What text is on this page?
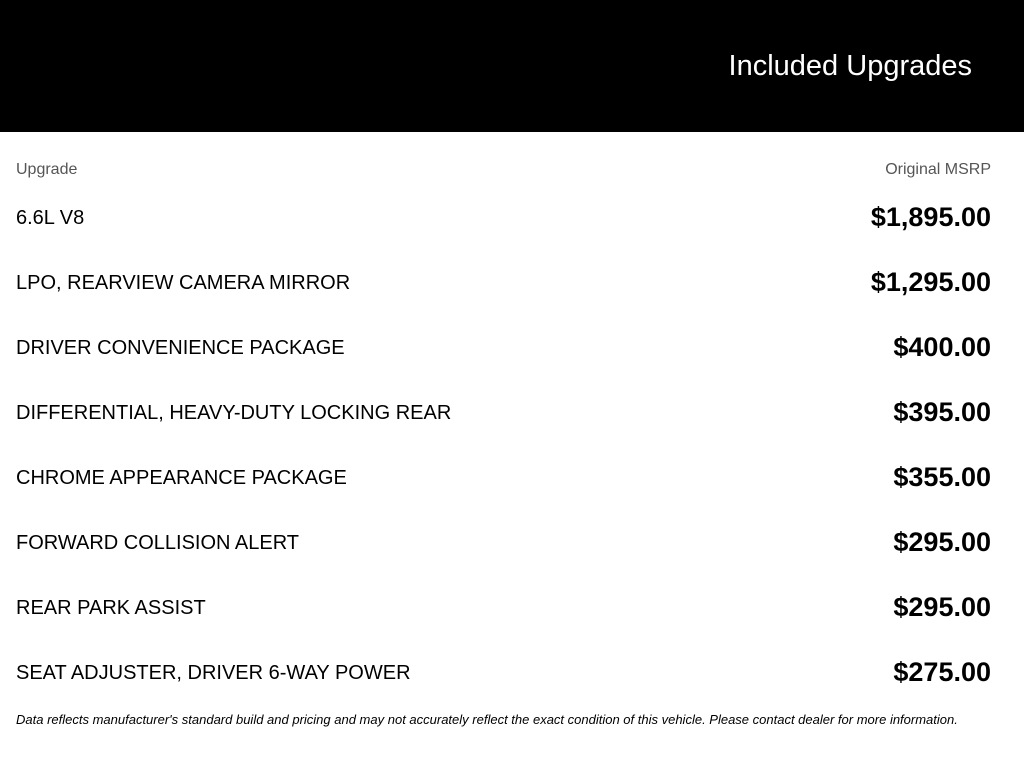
Included Upgrades
Upgrade	Original MSRP
6.6L V8	$1,895.00
LPO, REARVIEW CAMERA MIRROR	$1,295.00
DRIVER CONVENIENCE PACKAGE	$400.00
DIFFERENTIAL, HEAVY-DUTY LOCKING REAR	$395.00
CHROME APPEARANCE PACKAGE	$355.00
FORWARD COLLISION ALERT	$295.00
REAR PARK ASSIST	$295.00
SEAT ADJUSTER, DRIVER 6-WAY POWER	$275.00
Data reflects manufacturer's standard build and pricing and may not accurately reflect the exact condition of this vehicle. Please contact dealer for more information.
